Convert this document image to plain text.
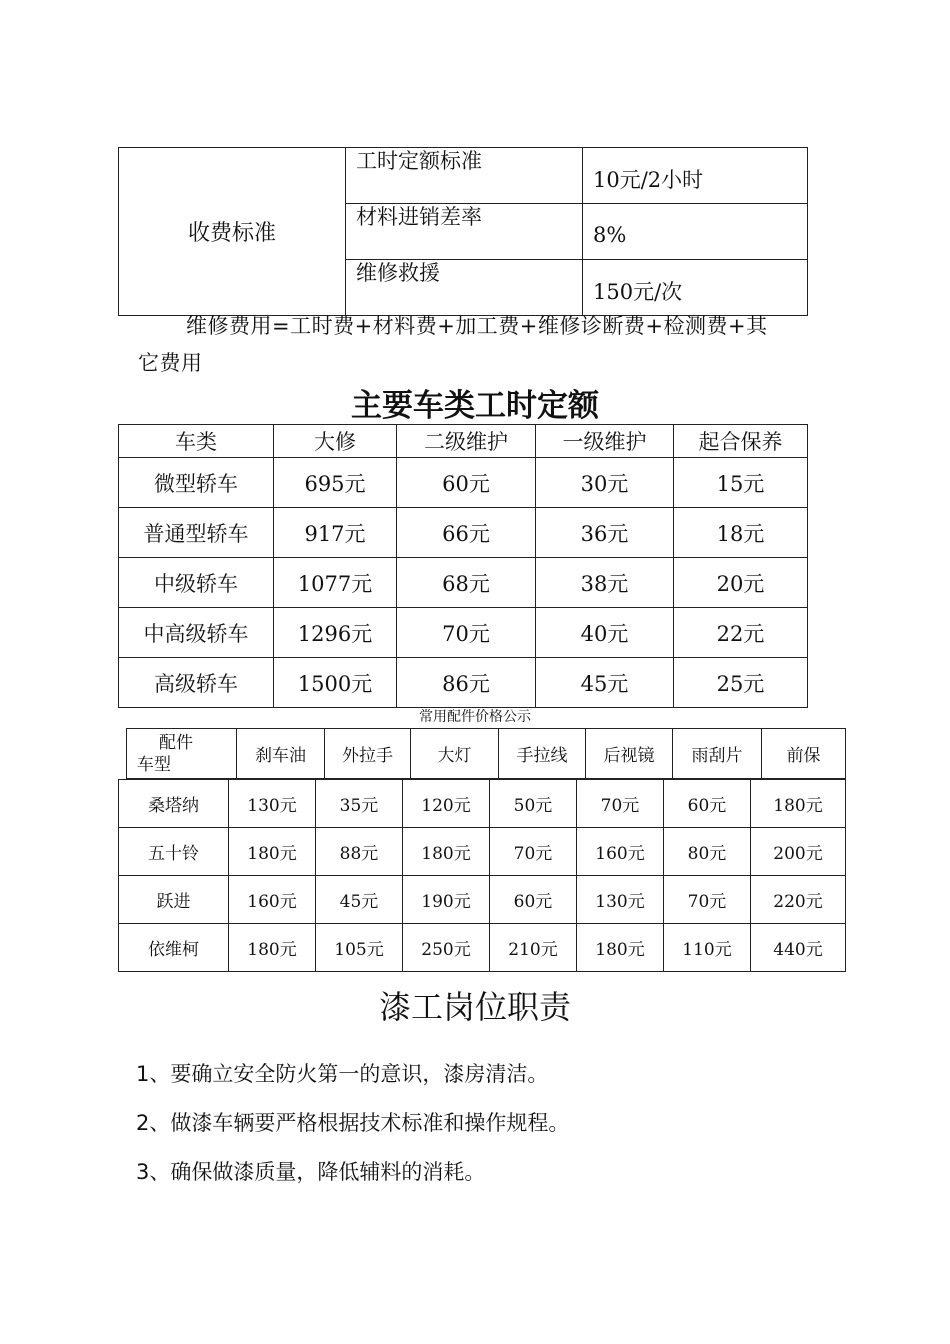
收费标准	工时定额标准	10元/2小时
	材料进销差率	8%
	维修救援	150元/次
维修费用=工时费+材料费+加工费+维修诊断费+检测费+其
它费用
主要车类工时定额
车类	大修	二级维护	一级维护	起合保养
微型轿车	695元	60元	30元	15元
普通型轿车	917元	66元	36元	18元
中级轿车	1077元	68元	38元	20元
中高级轿车	1296元	70元	40元	22元
高级轿车	1500元	86元	45元	25元
常用配件价格公示
配件
车型	刹车油	外拉手	大灯	手拉线	后视镜	雨刮片	前保
桑塔纳	130元	35元	120元	50元	70元	60元	180元
五十铃	180元	88元	180元	70元	160元	80元	200元
跃进	160元	45元	190元	60元	130元	70元	220元
依维柯	180元	105元	250元	210元	180元	110元	440元
漆工岗位职责
1、要确立安全防火第一的意识，漆房清洁。
2、做漆车辆要严格根据技术标准和操作规程。
3、确保做漆质量，降低辅料的消耗。
